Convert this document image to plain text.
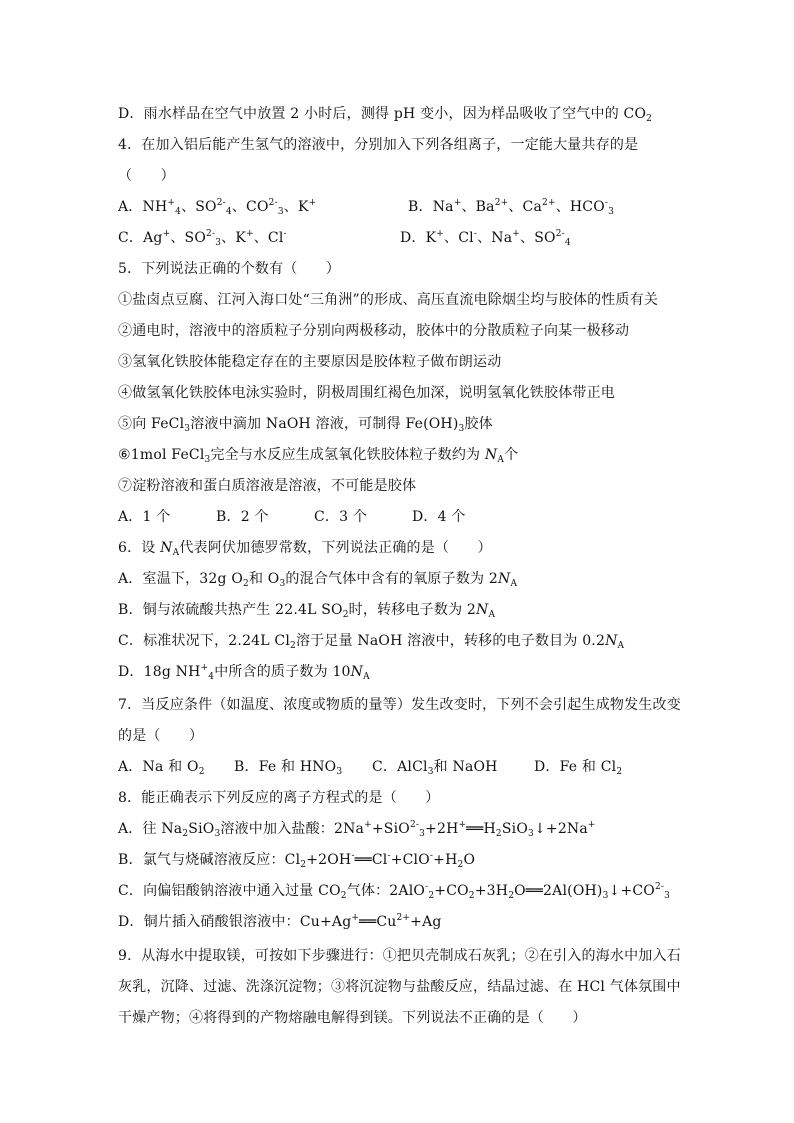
D．雨水样品在空气中放置 2 小时后，测得 pH 变小，因为样品吸收了空气中的 $CO_2$
4．在加入铝后能产生氢气的溶液中，分别加入下列各组离子，一定能大量共存的是
（　　）
A．$NH^+_4$、$SO^{2-}_4$、$CO^{2-}_3$、K+	B．Na+、$Ba^{2+}$、$Ca^{2+}$、$HCO^-_3$
C．Ag+、$SO^{2-}_3$、K+、Cl-	D．K+、Cl-、Na+、$SO^{2-}_4$
5．下列说法正确的个数有（　　）
①盐卤点豆腐、江河入海口处“三角洲”的形成、高压直流电除烟尘均与胶体的性质有关
②通电时，溶液中的溶质粒子分别向两极移动，胶体中的分散质粒子向某一极移动
③氢氧化铁胶体能稳定存在的主要原因是胶体粒子做布朗运动
④做氢氧化铁胶体电泳实验时，阴极周围红褐色加深，说明氢氧化铁胶体带正电
⑤向 FeCl$_3$溶液中滴加 NaOH 溶液，可制得 $Fe(OH)_3$胶体
⑥1mol FeCl$_3$完全与水反应生成氢氧化铁胶体粒子数约为 $N_A$个
⑦淀粉溶液和蛋白质溶液是溶液，不可能是胶体
A．1 个	B．2 个	C．3 个	D．4 个
6．设 $N_A$代表阿伏加德罗常数，下列说法正确的是（　　）
A．室温下，32g $O_2$和 $O_3$的混合气体中含有的氧原子数为 $2N_A$
B．铜与浓硫酸共热产生 22.4L $SO_2$时，转移电子数为 $2N_A$
C．标准状况下，2.24L $Cl_2$溶于足量 NaOH 溶液中，转移的电子数目为 $0.2N_A$
D．18g $NH^+_4$中所含的质子数为 $10N_A$
7．当反应条件（如温度、浓度或物质的量等）发生改变时，下列不会引起生成物发生改变
的是（　　）
A．Na 和 $O_2$ B．Fe 和 $HNO_3$ C．AlCl$_3$和 NaOH	D．Fe 和 $Cl_2$
8．能正确表示下列反应的离子方程式的是（　　）
A．往 $Na_2SiO_3$溶液中加入盐酸：$2Na^++SiO^{2-}_3+2H^+══H_2SiO_3↓+2Na^+$
B．氯气与烧碱溶液反应：$Cl_2+2OH^-══Cl^-+ClO^-+H_2O$
C．向偏铝酸钠溶液中通入过量 $CO_2$气体：$2AlO^-_2+CO_2+3H_2O══2Al(OH)_3↓+CO^{2-}_3$
D．铜片插入硝酸银溶液中：$Cu+Ag^+══Cu^{2+}+Ag$
9．从海水中提取镁，可按如下步骤进行：①把贝壳制成石灰乳；②在引入的海水中加入石
灰乳，沉降、过滤、洗涤沉淀物；③将沉淀物与盐酸反应，结晶过滤、在 HCl 气体氛围中
干燥产物；④将得到的产物熔融电解得到镁。下列说法不正确的是（　　）
